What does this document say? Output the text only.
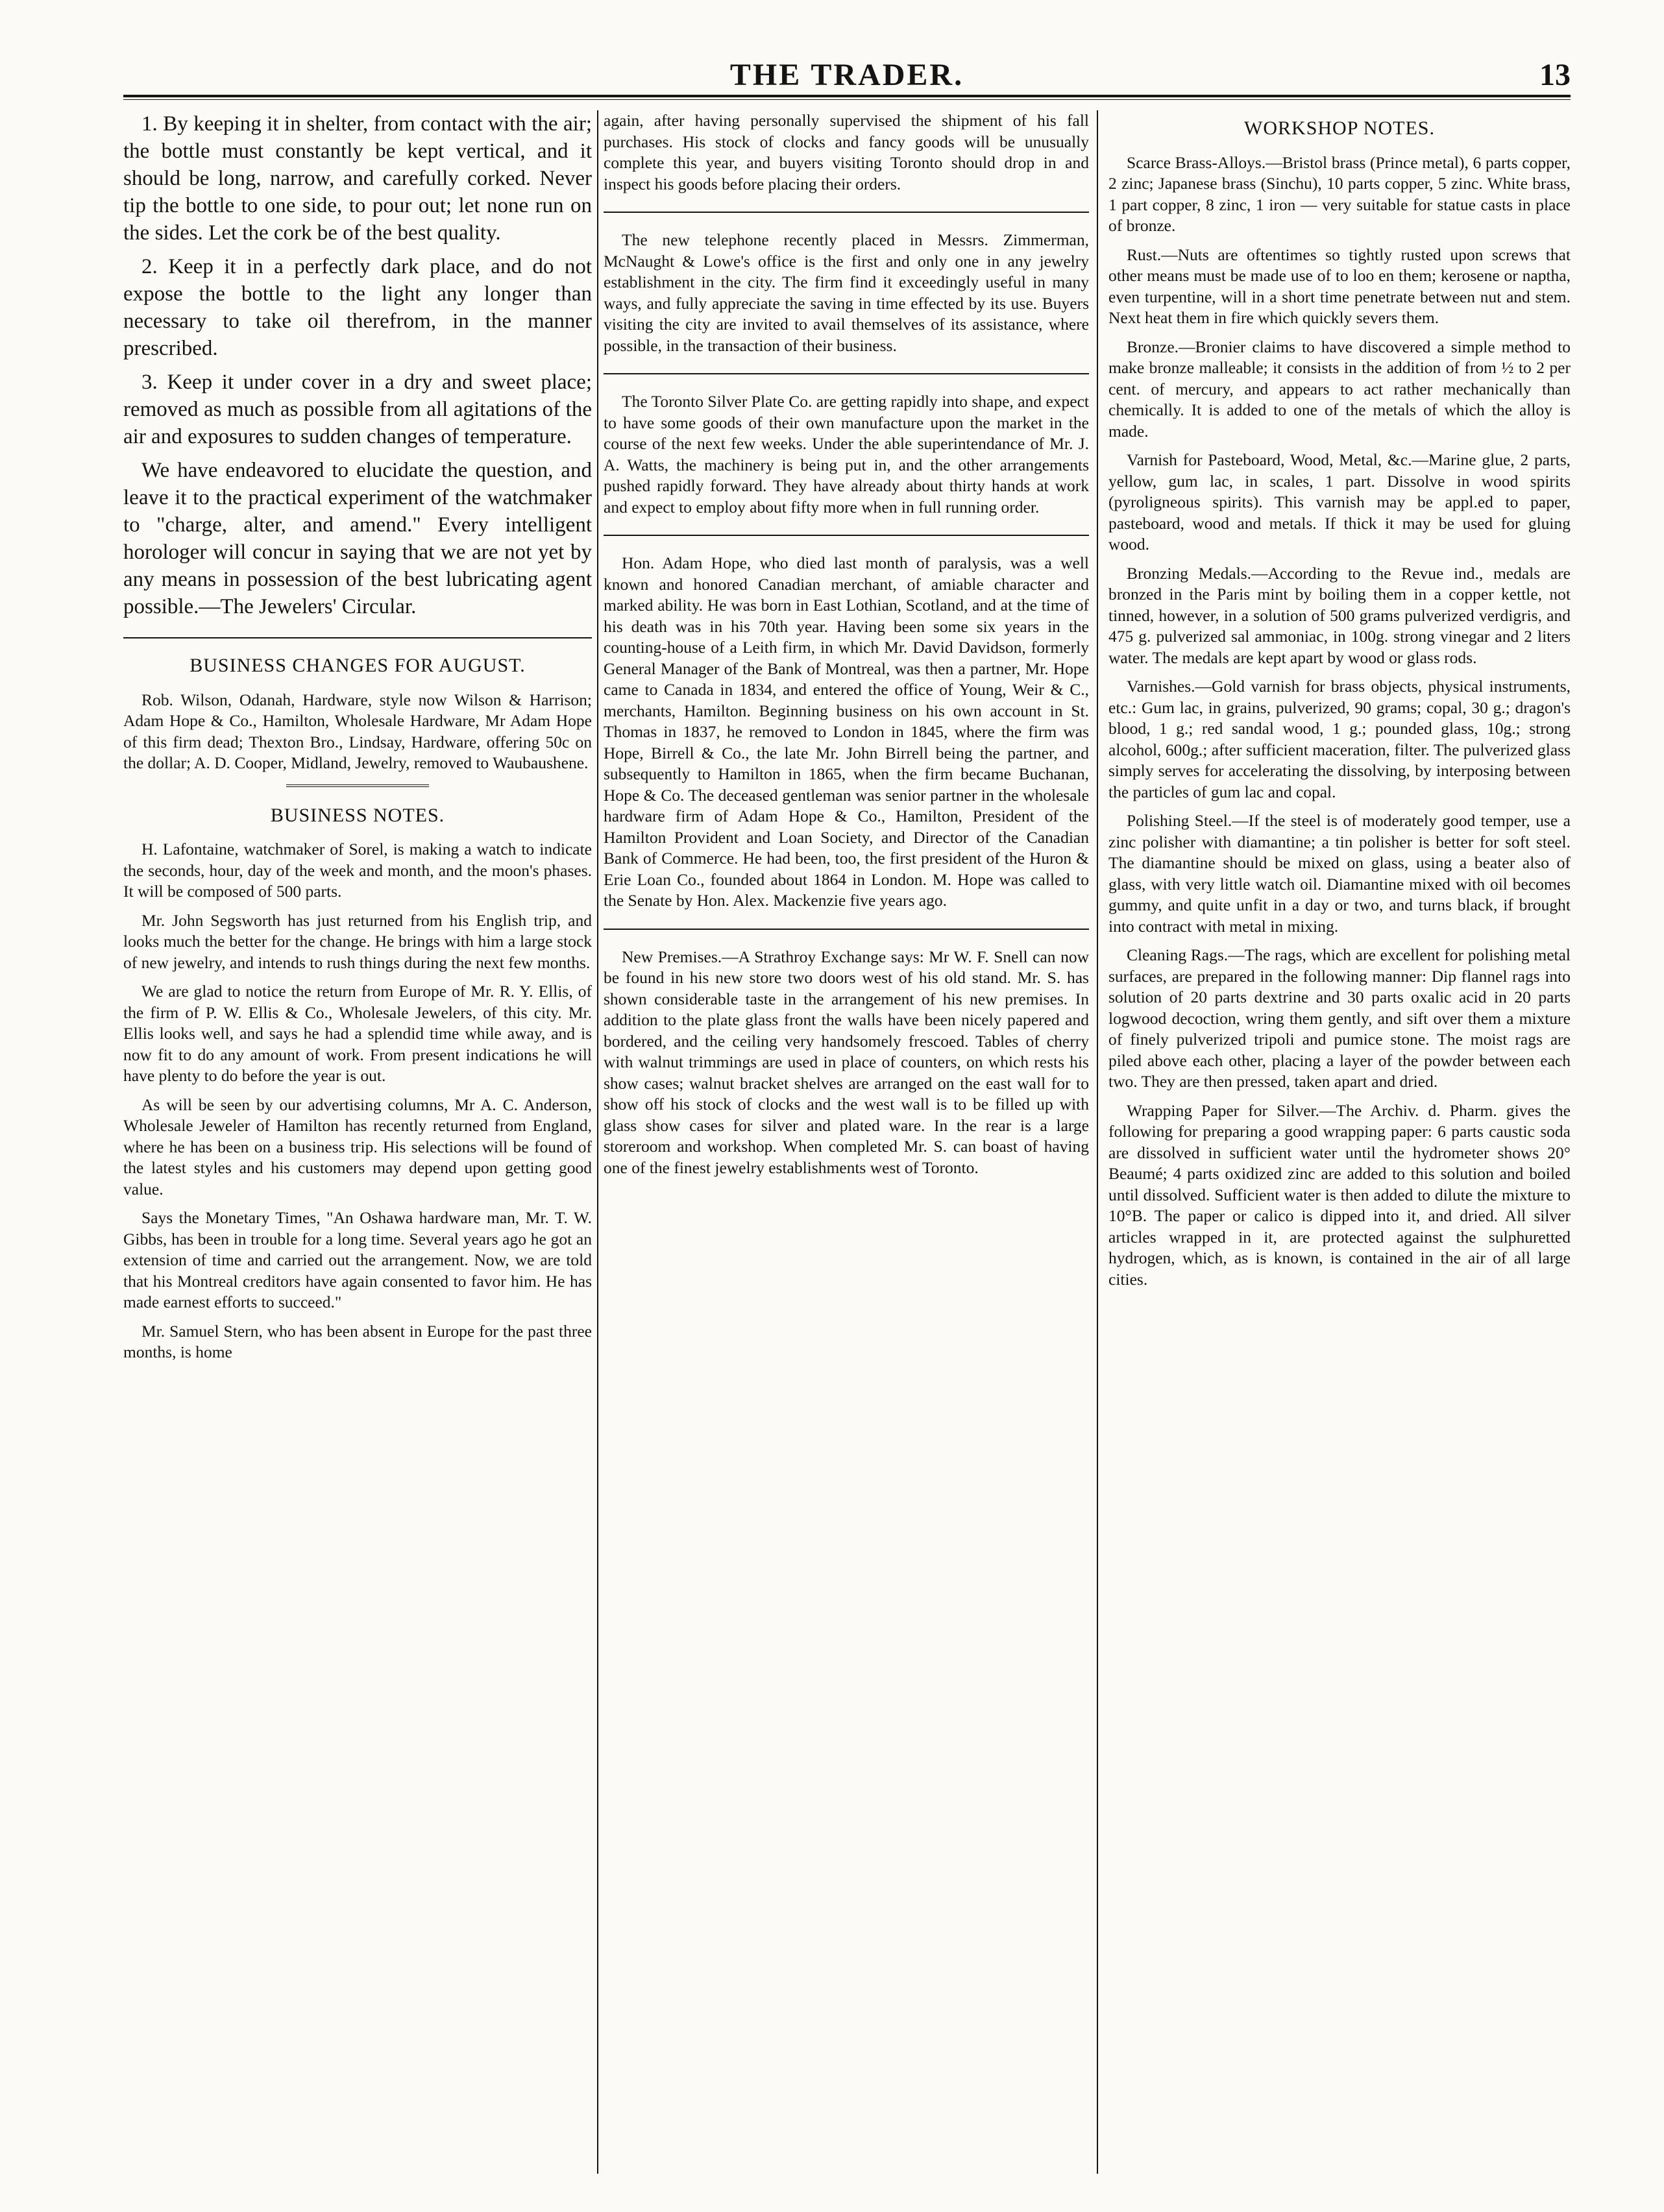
THE TRADER.	13

1. By keeping it in shelter, from contact with the air; the bottle must constantly be kept vertical, and it should be long, narrow, and carefully corked. Never tip the bottle to one side, to pour out; let none run on the sides. Let the cork be of the best quality.

2. Keep it in a perfectly dark place, and do not expose the bottle to the light any longer than necessary to take oil therefrom, in the manner prescribed.

3. Keep it under cover in a dry and sweet place; removed as much as possible from all agitations of the air and exposures to sudden changes of temperature.

We have endeavored to elucidate the question, and leave it to the practical experiment of the watchmaker to "charge, alter, and amend." Every intelligent horologer will concur in saying that we are not yet by any means in possession of the best lubricating agent possible.—The Jewelers' Circular.

BUSINESS CHANGES FOR AUGUST.

Rob. Wilson, Odanah, Hardware, style now Wilson & Harrison; Adam Hope & Co., Hamilton, Wholesale Hardware, Mr Adam Hope of this firm dead; Thexton Bro., Lindsay, Hardware, offering 50c on the dollar; A. D. Cooper, Midland, Jewelry, removed to Waubaushene.

BUSINESS NOTES.

H. Lafontaine, watchmaker of Sorel, is making a watch to indicate the seconds, hour, day of the week and month, and the moon's phases. It will be composed of 500 parts.

Mr. John Segsworth has just returned from his English trip, and looks much the better for the change. He brings with him a large stock of new jewelry, and intends to rush things during the next few months.

We are glad to notice the return from Europe of Mr. R. Y. Ellis, of the firm of P. W. Ellis & Co., Wholesale Jewelers, of this city. Mr. Ellis looks well, and says he had a splendid time while away, and is now fit to do any amount of work. From present indications he will have plenty to do before the year is out.

As will be seen by our advertising columns, Mr A. C. Anderson, Wholesale Jeweler of Hamilton has recently returned from England, where he has been on a business trip. His selections will be found of the latest styles and his customers may depend upon getting good value.

Says the Monetary Times, "An Oshawa hardware man, Mr. T. W. Gibbs, has been in trouble for a long time. Several years ago he got an extension of time and carried out the arrangement. Now, we are told that his Montreal creditors have again consented to favor him. He has made earnest efforts to succeed."

Mr. Samuel Stern, who has been absent in Europe for the past three months, is home

again, after having personally supervised the shipment of his fall purchases. His stock of clocks and fancy goods will be unusually complete this year, and buyers visiting Toronto should drop in and inspect his goods before placing their orders.

The new telephone recently placed in Messrs. Zimmerman, McNaught & Lowe's office is the first and only one in any jewelry establishment in the city. The firm find it exceedingly useful in many ways, and fully appreciate the saving in time effected by its use. Buyers visiting the city are invited to avail themselves of its assistance, where possible, in the transaction of their business.

The Toronto Silver Plate Co. are getting rapidly into shape, and expect to have some goods of their own manufacture upon the market in the course of the next few weeks. Under the able superintendance of Mr. J. A. Watts, the machinery is being put in, and the other arrangements pushed rapidly forward. They have already about thirty hands at work and expect to employ about fifty more when in full running order.

Hon. Adam Hope, who died last month of paralysis, was a well known and honored Canadian merchant, of amiable character and marked ability. He was born in East Lothian, Scotland, and at the time of his death was in his 70th year. Having been some six years in the counting-house of a Leith firm, in which Mr. David Davidson, formerly General Manager of the Bank of Montreal, was then a partner, Mr. Hope came to Canada in 1834, and entered the office of Young, Weir & C., merchants, Hamilton. Beginning business on his own account in St. Thomas in 1837, he removed to London in 1845, where the firm was Hope, Birrell & Co., the late Mr. John Birrell being the partner, and subsequently to Hamilton in 1865, when the firm became Buchanan, Hope & Co. The deceased gentleman was senior partner in the wholesale hardware firm of Adam Hope & Co., Hamilton, President of the Hamilton Provident and Loan Society, and Director of the Canadian Bank of Commerce. He had been, too, the first president of the Huron & Erie Loan Co., founded about 1864 in London. M. Hope was called to the Senate by Hon. Alex. Mackenzie five years ago.

New Premises.—A Strathroy Exchange says: Mr W. F. Snell can now be found in his new store two doors west of his old stand. Mr. S. has shown considerable taste in the arrangement of his new premises. In addition to the plate glass front the walls have been nicely papered and bordered, and the ceiling very handsomely frescoed. Tables of cherry with walnut trimmings are used in place of counters, on which rests his show cases; walnut bracket shelves are arranged on the east wall for to show off his stock of clocks and the west wall is to be filled up with glass show cases for silver and plated ware. In the rear is a large storeroom and workshop. When completed Mr. S. can boast of having one of the finest jewelry establishments west of Toronto.

WORKSHOP NOTES.

Scarce Brass-Alloys.—Bristol brass (Prince metal), 6 parts copper, 2 zinc; Japanese brass (Sinchu), 10 parts copper, 5 zinc. White brass, 1 part copper, 8 zinc, 1 iron — very suitable for statue casts in place of bronze.

Rust.—Nuts are oftentimes so tightly rusted upon screws that other means must be made use of to loo en them; kerosene or naptha, even turpentine, will in a short time penetrate between nut and stem. Next heat them in fire which quickly severs them.

Bronze.—Bronier claims to have discovered a simple method to make bronze malleable; it consists in the addition of from ½ to 2 per cent. of mercury, and appears to act rather mechanically than chemically. It is added to one of the metals of which the alloy is made.

Varnish for Pasteboard, Wood, Metal, &c.—Marine glue, 2 parts, yellow, gum lac, in scales, 1 part. Dissolve in wood spirits (pyroligneous spirits). This varnish may be appl.ed to paper, pasteboard, wood and metals. If thick it may be used for gluing wood.

Bronzing Medals.—According to the Revue ind., medals are bronzed in the Paris mint by boiling them in a copper kettle, not tinned, however, in a solution of 500 grams pulverized verdigris, and 475 g. pulverized sal ammoniac, in 100g. strong vinegar and 2 liters water. The medals are kept apart by wood or glass rods.

Varnishes.—Gold varnish for brass objects, physical instruments, etc.: Gum lac, in grains, pulverized, 90 grams; copal, 30 g.; dragon's blood, 1 g.; red sandal wood, 1 g.; pounded glass, 10g.; strong alcohol, 600g.; after sufficient maceration, filter. The pulverized glass simply serves for accelerating the dissolving, by interposing between the particles of gum lac and copal.

Polishing Steel.—If the steel is of moderately good temper, use a zinc polisher with diamantine; a tin polisher is better for soft steel. The diamantine should be mixed on glass, using a beater also of glass, with very little watch oil. Diamantine mixed with oil becomes gummy, and quite unfit in a day or two, and turns black, if brought into contract with metal in mixing.

Cleaning Rags.—The rags, which are excellent for polishing metal surfaces, are prepared in the following manner: Dip flannel rags into solution of 20 parts dextrine and 30 parts oxalic acid in 20 parts logwood decoction, wring them gently, and sift over them a mixture of finely pulverized tripoli and pumice stone. The moist rags are piled above each other, placing a layer of the powder between each two. They are then pressed, taken apart and dried.

Wrapping Paper for Silver.—The Archiv. d. Pharm. gives the following for preparing a good wrapping paper: 6 parts caustic soda are dissolved in sufficient water until the hydrometer shows 20° Beaumé; 4 parts oxidized zinc are added to this solution and boiled until dissolved. Sufficient water is then added to dilute the mixture to 10°B. The paper or calico is dipped into it, and dried. All silver articles wrapped in it, are protected against the sulphuretted hydrogen, which, as is known, is contained in the air of all large cities.
